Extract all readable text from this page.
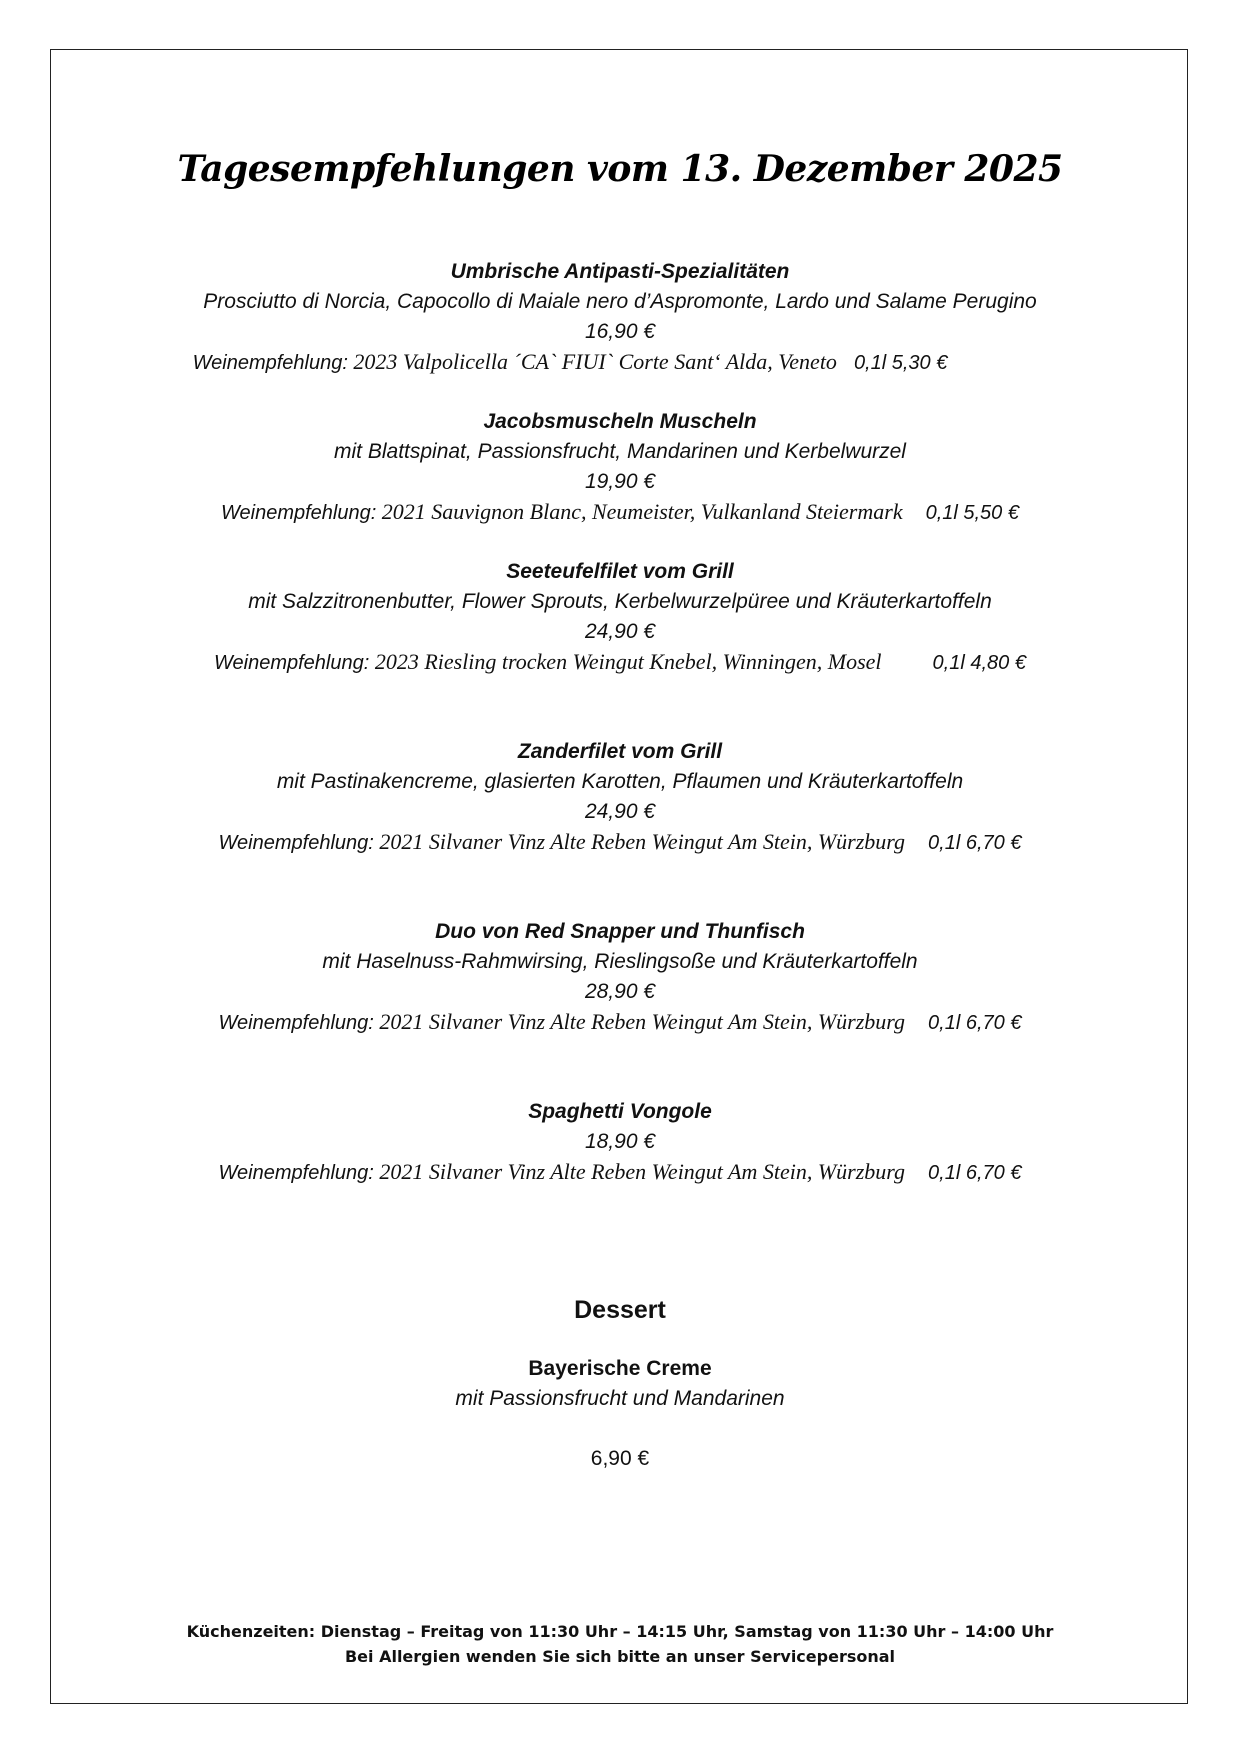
Tagesempfehlungen vom 13. Dezember 2025
Umbrische Antipasti-Spezialitäten
Prosciutto di Norcia, Capocollo di Maiale nero d’Aspromonte, Lardo und Salame Perugino
16,90 €
Weinempfehlung: 2023 Valpolicella ´CA` FIUI` Corte Sant‘ Alda, Veneto 0,1l 5,30 €
Jacobsmuscheln Muscheln
mit Blattspinat, Passionsfrucht, Mandarinen und Kerbelwurzel
19,90 €
Weinempfehlung: 2021 Sauvignon Blanc, Neumeister, Vulkanland Steiermark 0,1l 5,50 €
Seeteufelfilet vom Grill
mit Salzzitronenbutter, Flower Sprouts, Kerbelwurzelpüree und Kräuterkartoffeln
24,90 €
Weinempfehlung: 2023 Riesling trocken Weingut Knebel, Winningen, Mosel	0,1l 4,80 €
Zanderfilet vom Grill
mit Pastinakencreme, glasierten Karotten, Pflaumen und Kräuterkartoffeln
24,90 €
Weinempfehlung: 2021 Silvaner Vinz Alte Reben Weingut Am Stein, Würzburg 0,1l 6,70 €
Duo von Red Snapper und Thunfisch
mit Haselnuss-Rahmwirsing, Rieslingsoße und Kräuterkartoffeln
28,90 €
Weinempfehlung: 2021 Silvaner Vinz Alte Reben Weingut Am Stein, Würzburg 0,1l 6,70 €
Spaghetti Vongole
18,90 €
Weinempfehlung: 2021 Silvaner Vinz Alte Reben Weingut Am Stein, Würzburg 0,1l 6,70 €
Dessert
Bayerische Creme
mit Passionsfrucht und Mandarinen
6,90 €
Küchenzeiten: Dienstag – Freitag von 11:30 Uhr – 14:15 Uhr, Samstag von 11:30 Uhr – 14:00 Uhr
Bei Allergien wenden Sie sich bitte an unser Servicepersonal
